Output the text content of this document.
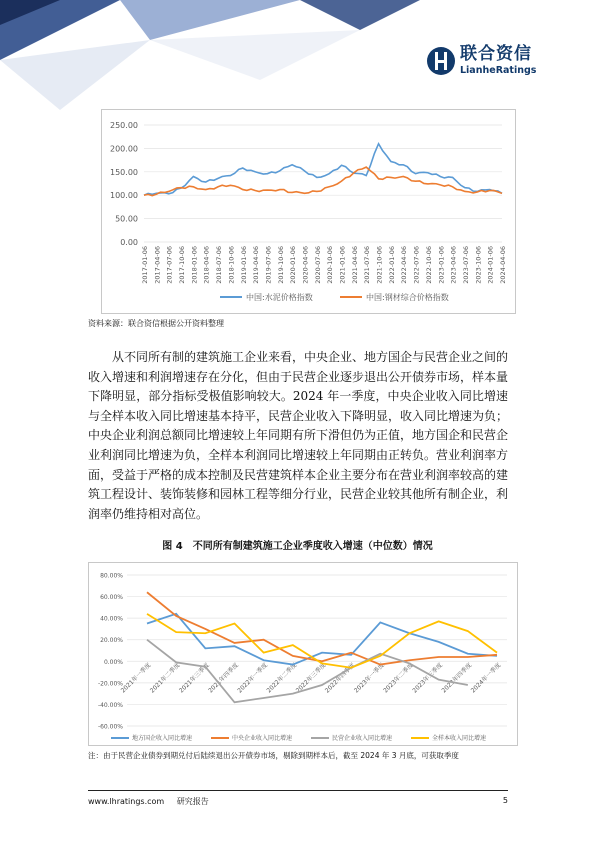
联合资信
LianheRatings
0.00
50.00
100.00
150.00
200.00
250.00
2017-01-06 2017-04-06 2017-07-06 2017-10-06 2018-01-06 2018-04-06 2018-07-06 2018-10-06 2019-01-06 2019-04-06 2019-07-06 2019-10-06 2020-01-06 2020-04-06 2020-07-06 2020-10-06 2021-01-06 2021-04-06 2021-07-06 2021-10-06 2022-01-06 2022-04-06 2022-07-06 2022-10-06 2023-01-06 2023-04-06 2023-07-06 2023-10-06 2024-01-06 2024-04-06
中国:水泥价格指数	中国:钢材综合价格指数
资料来源：联合资信根据公开资料整理
从不同所有制的建筑施工企业来看，中央企业、地方国企与民营企业之间的收入增速和利润增速存在分化，但由于民营企业逐步退出公开债券市场，样本量下降明显，部分指标受极值影响较大。2024 年一季度，中央企业收入同比增速与全样本收入同比增速基本持平，民营企业收入下降明显，收入同比增速为负；中央企业利润总额同比增速较上年同期有所下滑但仍为正值，地方国企和民营企业利润同比增速为负，全样本利润同比增速较上年同期由正转负。营业利润率方面，受益于严格的成本控制及民营建筑样本企业主要分布在营业利润率较高的建筑工程设计、装饰装修和园林工程等细分行业，民营企业较其他所有制企业，利润率仍维持相对高位。
图 4　不同所有制建筑施工企业季度收入增速（中位数）情况
-60.00%
-40.00%
-20.00%
0.00%
20.00%
40.00%
60.00%
80.00%
2021年一季度
2021年二季度
2021年三季度
2021年四季度
2022年一季度
2022年二季度
2022年三季度
2022年四季度
2023年一季度
2023年二季度
2023年三季度
2023年四季度
2024年一季度
地方国企收入同比增速	中央企业收入同比增速	民营企业收入同比增速	全样本收入同比增速
注：由于民营企业债券到期兑付后陆续退出公开债券市场，剔除到期样本后，截至 2024 年 3 月底，可获取季度
www.lhratings.com 研究报告	5
